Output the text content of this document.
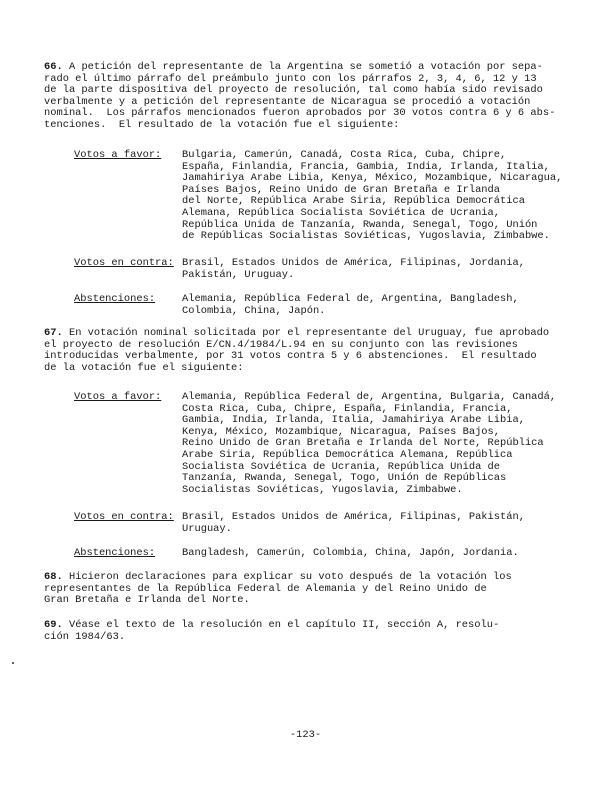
66. A petición del representante de la Argentina se sometió a votación por sepa-
rado el último párrafo del preámbulo junto con los párrafos 2, 3, 4, 6, 12 y 13
de la parte dispositiva del proyecto de resolución, tal como había sido revisado
verbalmente y a petición del representante de Nicaragua se procedió a votación
nominal.  Los párrafos mencionados fueron aprobados por 30 votos contra 6 y 6 abs-
tenciones.  El resultado de la votación fue el siguiente:
Votos a favor:	Bulgaria, Camerún, Canadá, Costa Rica, Cuba, Chipre,
España, Finlandia, Francia, Gambia, India, Irlanda, Italia,
Jamahiriya Arabe Libia, Kenya, México, Mozambique, Nicaragua,
Países Bajos, Reino Unido de Gran Bretaña e Irlanda
del Norte, República Arabe Siria, República Democrática
Alemana, República Socialista Soviética de Ucrania,
República Unida de Tanzanía, Rwanda, Senegal, Togo, Unión
de Repúblicas Socialistas Soviéticas, Yugoslavia, Zimbabwe.
Votos en contra: Brasil, Estados Unidos de América, Filipinas, Jordania,
Pakistán, Uruguay.
Abstenciones:	Alemania, República Federal de, Argentina, Bangladesh,
Colombia, China, Japón.
67. En votación nominal solicitada por el representante del Uruguay, fue aprobado
el proyecto de resolución E/CN.4/1984/L.94 en su conjunto con las revisiones
introducidas verbalmente, por 31 votos contra 5 y 6 abstenciones.  El resultado
de la votación fue el siguiente:
Votos a favor:	Alemania, República Federal de, Argentina, Bulgaria, Canadá,
Costa Rica, Cuba, Chipre, España, Finlandia, Francia,
Gambia, India, Irlanda, Italia, Jamahiriya Arabe Libia,
Kenya, México, Mozambique, Nicaragua, Países Bajos,
Reino Unido de Gran Bretaña e Irlanda del Norte, República
Arabe Siria, República Democrática Alemana, República
Socialista Soviética de Ucrania, República Unida de
Tanzanía, Rwanda, Senegal, Togo, Unión de Repúblicas
Socialistas Soviéticas, Yugoslavia, Zimbabwe.
Votos en contra: Brasil, Estados Unidos de América, Filipinas, Pakistán,
Uruguay.
Abstenciones:	Bangladesh, Camerún, Colombia, China, Japón, Jordania.
68. Hicieron declaraciones para explicar su voto después de la votación los
representantes de la República Federal de Alemania y del Reino Unido de
Gran Bretaña e Irlanda del Norte.
69. Véase el texto de la resolución en el capítulo II, sección A, resolu-
ción 1984/63.
-123-
